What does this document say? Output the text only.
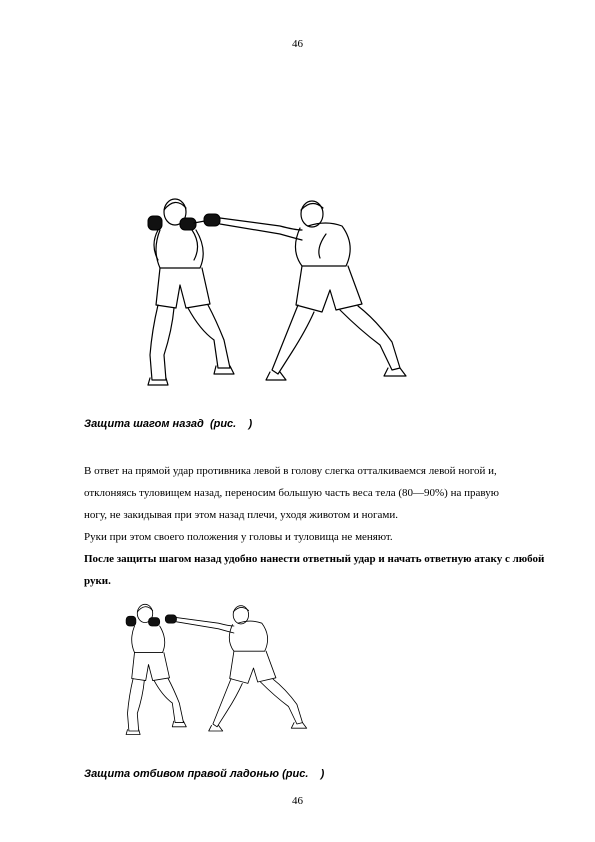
46
Защита шагом назад  (рис.    )
В ответ на прямой удар противника левой в голову слегка отталкиваемся левой ногой и,
отклоняясь туловищем назад, переносим большую часть веса тела (80—90%) на правую
ногу, не закидывая при этом назад плечи, уходя животом и ногами.
Руки при этом своего положения у головы и туловища не меняют.
После защиты шагом назад удобно нанести ответный удар и начать ответную атаку с любой
руки.
Защита отбивом правой ладонью (рис.    )
46
